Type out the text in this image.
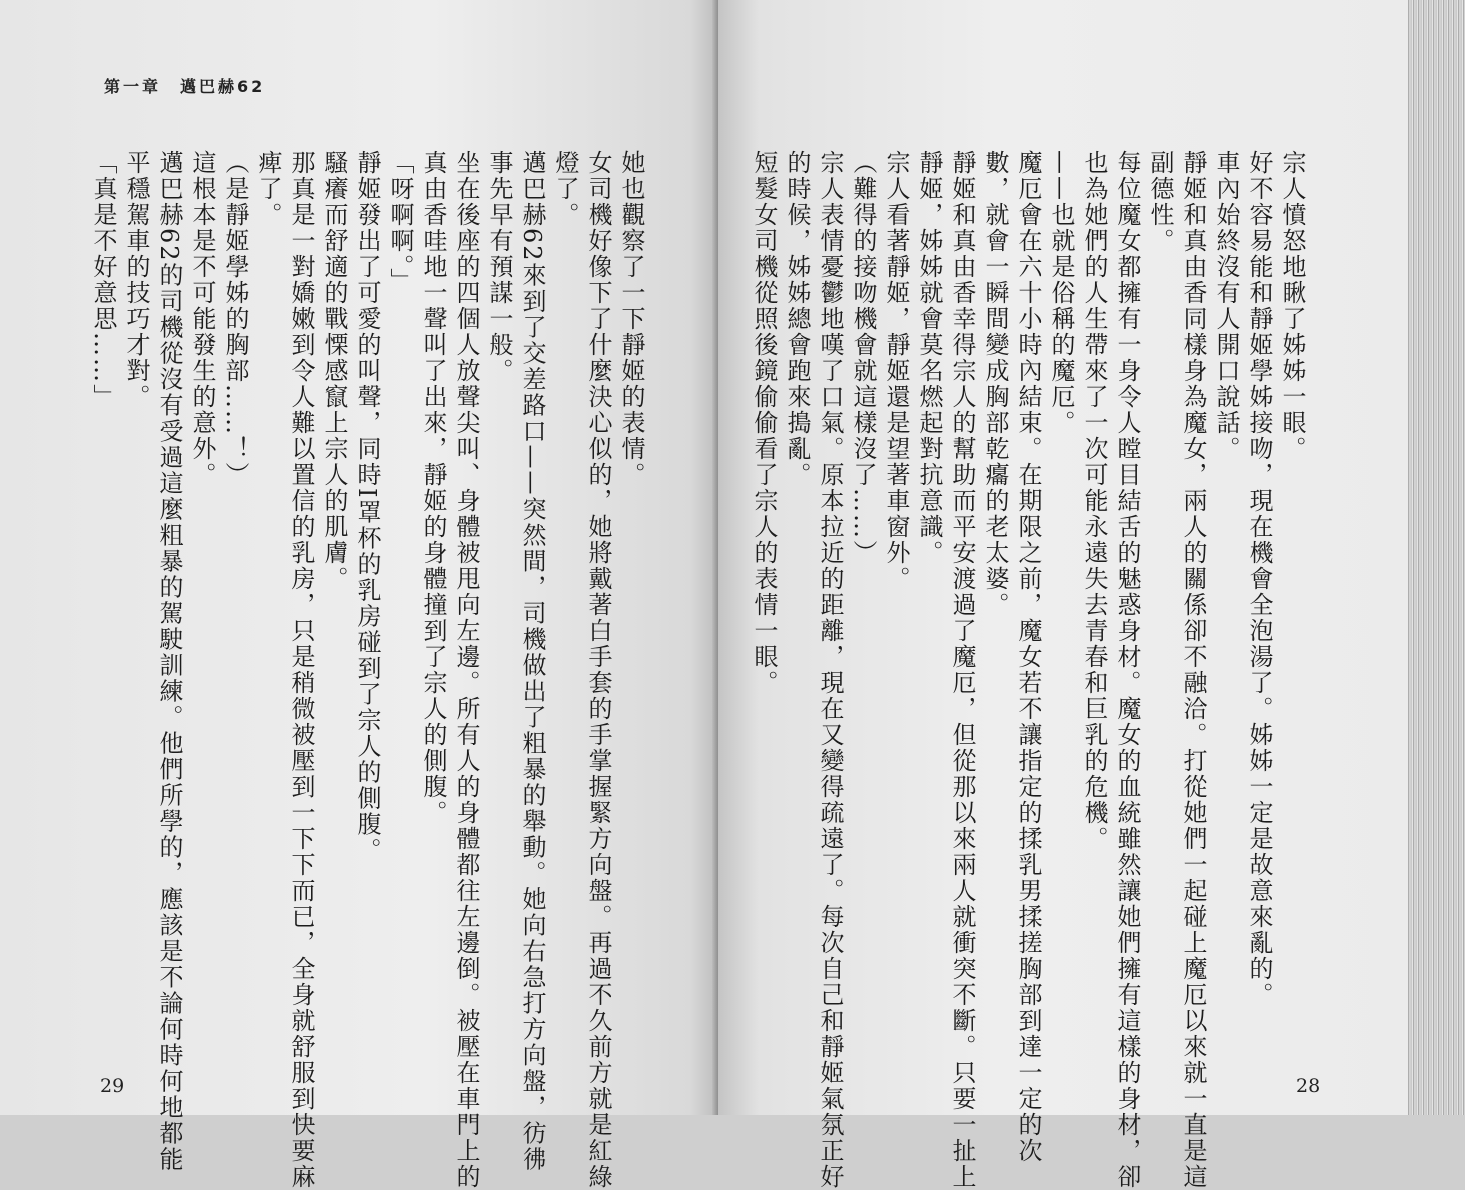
第一章　邁巴赫62
她也觀察了一下靜姬的表情。
女司機好像下了什麼決心似的，她將戴著白手套的手掌握緊方向盤。再過不久前方就是紅綠
燈了。
邁巴赫62來到了交差路口——突然間，司機做出了粗暴的舉動。她向右急打方向盤，彷彿
事先早有預謀一般。
坐在後座的四個人放聲尖叫、身體被甩向左邊。所有人的身體都往左邊倒。被壓在車門上的
真由香哇地一聲叫了出來，靜姬的身體撞到了宗人的側腹。
「呀啊啊。」
靜姬發出了可愛的叫聲，同時I罩杯的乳房碰到了宗人的側腹。
騷癢而舒適的戰慄感竄上宗人的肌膚。
那真是一對嬌嫩到令人難以置信的乳房，只是稍微被壓到一下下而已，全身就舒服到快要麻
痺了。
（是靜姬學姊的胸部……！）
這根本是不可能發生的意外。
邁巴赫62的司機從沒有受過這麼粗暴的駕駛訓練。他們所學的，應該是不論何時何地都能
平穩駕車的技巧才對。
「真是不好意思……」
29
宗人憤怒地瞅了姊姊一眼。
好不容易能和靜姬學姊接吻，現在機會全泡湯了。姊姊一定是故意來亂的。
車內始終沒有人開口說話。
靜姬和真由香同樣身為魔女，兩人的關係卻不融洽。打從她們一起碰上魔厄以來就一直是這
副德性。
每位魔女都擁有一身令人瞠目結舌的魅惑身材。魔女的血統雖然讓她們擁有這樣的身材，卻
也為她們的人生帶來了一次可能永遠失去青春和巨乳的危機。
——也就是俗稱的魔厄。
魔厄會在六十小時內結束。在期限之前，魔女若不讓指定的揉乳男揉搓胸部到達一定的次
數，就會一瞬間變成胸部乾癟的老太婆。
靜姬和真由香幸得宗人的幫助而平安渡過了魔厄，但從那以來兩人就衝突不斷。只要一扯上
靜姬，姊姊就會莫名燃起對抗意識。
宗人看著靜姬，靜姬還是望著車窗外。
（難得的接吻機會就這樣沒了……）
宗人表情憂鬱地嘆了口氣。原本拉近的距離，現在又變得疏遠了。每次自己和靜姬氣氛正好
的時候，姊姊總會跑來搗亂。
短髮女司機從照後鏡偷偷看了宗人的表情一眼。
28
